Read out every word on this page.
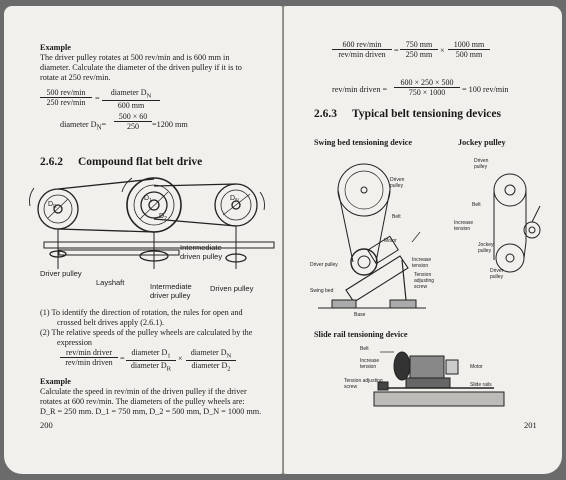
Example
The driver pulley rotates at 500 rev/min and is 600 mm in
diameter. Calculate the diameter of the driven pulley if it is to
rotate at 250 rev/min.
500 rev/min
250 rev/min	=
diameter $D_N$
600 mm
diameter $D_N= \frac{500 \times 60}{250} =1200$ mm
2.6.2 Compound flat belt drive
$D_R$
$D_1$
$D_2$
$D_N$
Intermediate
driven pulley
Driver pulley
Layshaft	Intermediate
driver pulley
Driven pulley
(1) To identify the direction of rotation, the rules for open and
crossed belt drives apply (2.6.1).
(2) The relative speeds of the pulley wheels are calculated by the
expression
rev/min driver
rev/min driven =
diameter $D_1$
diameter $D_R$
×
diameter $D_N$
diameter $D_2$
Example
Calculate the speed in rev/min of the driven pulley if the driver
rotates at 600 rev/min. The diameters of the pulley wheels are:
D_R = 250 mm. D_1 = 750 mm, D_2 = 500 mm, D_N = 1000 mm.
200
600 rev/min
rev/min driven	= $\frac{750 mm}{250 mm} \times \frac{1000 mm}{500 mm}$
rev/min driven = $\frac{600 \times 250 \times 500}{750 \times 1000} = 100$ rev/min
2.6.3 Typical belt tensioning devices
Swing bed tensioning device	Jockey pulley
Driven
pulley
Belt
Motor
Driver pulley
Increase
tension
Tension
adjusting
screw
Swing bed
Base
Driven
pulley
Belt
Increase
tension
Jockey
pulley
Driver
pulley
Slide rail tensioning device
Belt
Increase
tension	Motor
Tension adjusting
screw	Slide rails
201
